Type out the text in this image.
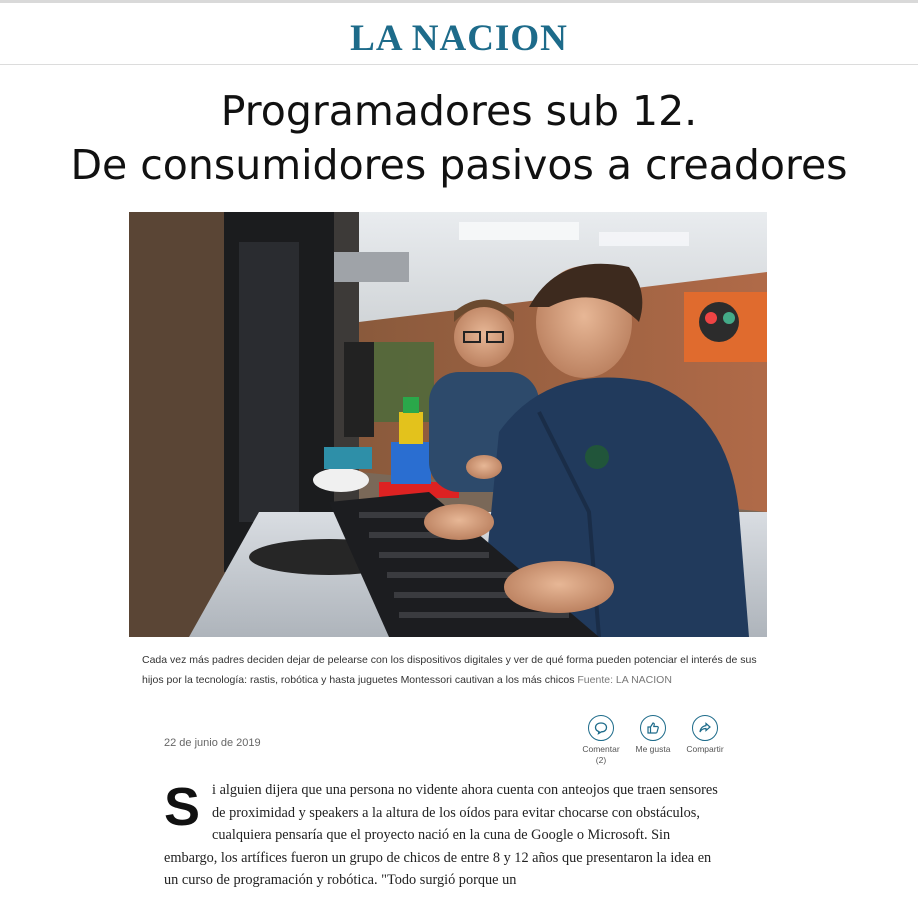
LA NACION
Programadores sub 12.
De consumidores pasivos a creadores

Cada vez más padres deciden dejar de pelearse con los dispositivos digitales y ver de qué forma pueden potenciar el interés de sus hijos por la tecnología: rastis, robótica y hasta juguetes Montessori cautivan a los más chicos Fuente: LA NACION

22 de junio de 2019	Comentar
(2)
Me gusta	Compartir
S i alguien dijera que una persona no vidente ahora cuenta con anteojos que traen sensores de proximidad y speakers a la altura de los oídos para evitar chocarse con obstáculos, cualquiera pensaría que el proyecto nació en la cuna de Google o Microsoft. Sin embargo, los artífices fueron un grupo de chicos de entre 8 y 12 años que presentaron la idea en un curso de programación y robótica. "Todo surgió porque un
